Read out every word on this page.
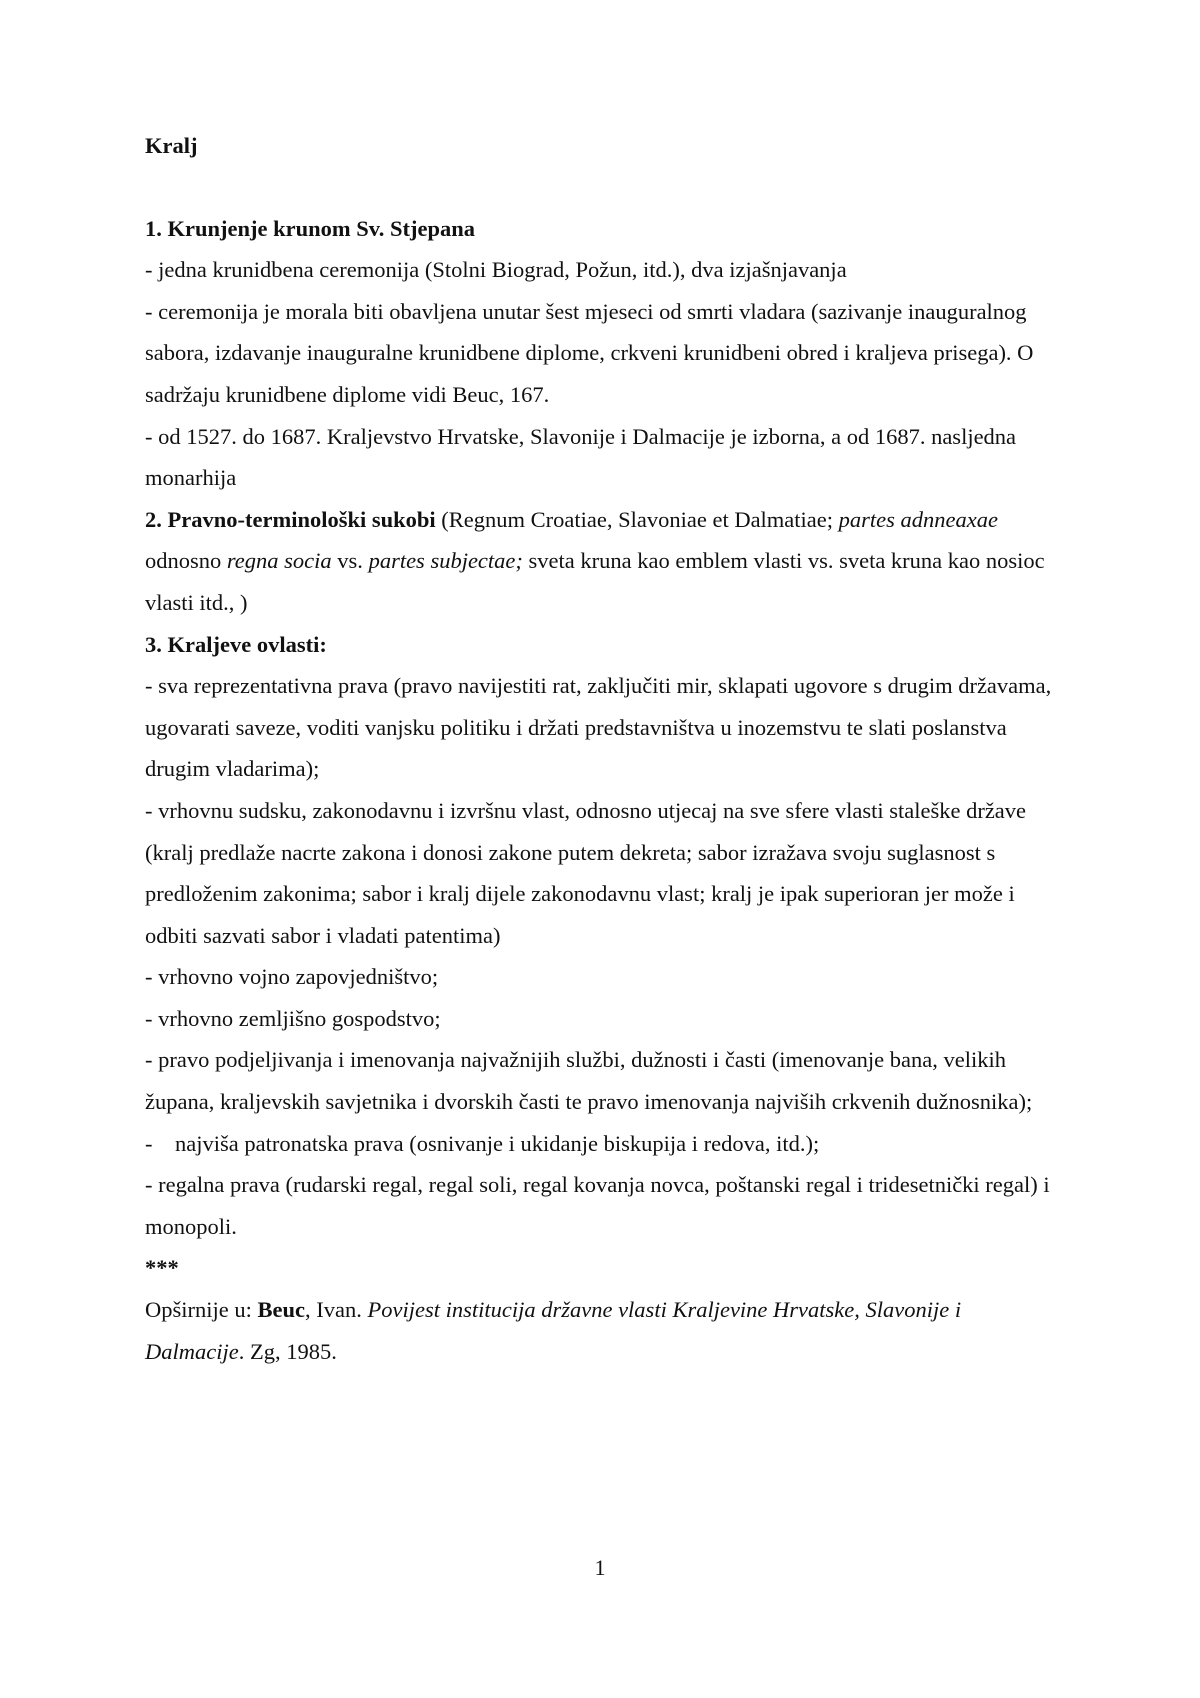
Kralj
1. Krunjenje krunom Sv. Stjepana
- jedna krunidbena ceremonija (Stolni Biograd, Požun, itd.), dva izjašnjavanja
- ceremonija je morala biti obavljena unutar šest mjeseci od smrti vladara (sazivanje inauguralnog sabora, izdavanje inauguralne krunidbene diplome, crkveni krunidbeni obred i kraljeva prisega). O sadržaju krunidbene diplome vidi Beuc, 167.
- od 1527. do 1687. Kraljevstvo Hrvatske, Slavonije i Dalmacije je izborna, a od 1687. nasljedna monarhija
2. Pravno-terminološki sukobi (Regnum Croatiae, Slavoniae et Dalmatiae; partes adnneaxae odnosno regna socia vs. partes subjectae; sveta kruna kao emblem vlasti vs. sveta kruna kao nosioc vlasti itd., )
3. Kraljeve ovlasti:
- sva reprezentativna prava (pravo navijestiti rat, zaključiti mir, sklapati ugovore s drugim državama, ugovarati saveze, voditi vanjsku politiku i držati predstavništva u inozemstvu te slati poslanstva drugim vladarima);
- vrhovnu sudsku, zakonodavnu i izvršnu vlast, odnosno utjecaj na sve sfere vlasti staleške države (kralj predlaže nacrte zakona i donosi zakone putem dekreta; sabor izražava svoju suglasnost s predloženim zakonima; sabor i kralj dijele zakonodavnu vlast; kralj je ipak superioran jer može i odbiti sazvati sabor i vladati patentima)
- vrhovno vojno zapovjedništvo;
- vrhovno zemljišno gospodstvo;
- pravo podjeljivanja i imenovanja najvažnijih službi, dužnosti i časti (imenovanje bana, velikih župana, kraljevskih savjetnika i dvorskih časti te pravo imenovanja najviših crkvenih dužnosnika);
- najviša patronatska prava (osnivanje i ukidanje biskupija i redova, itd.);
- regalna prava (rudarski regal, regal soli, regal kovanja novca, poštanski regal i tridesetnički regal) i monopoli.
***
Opširnije u: Beuc, Ivan. Povijest institucija državne vlasti Kraljevine Hrvatske, Slavonije i Dalmacije. Zg, 1985.
1
